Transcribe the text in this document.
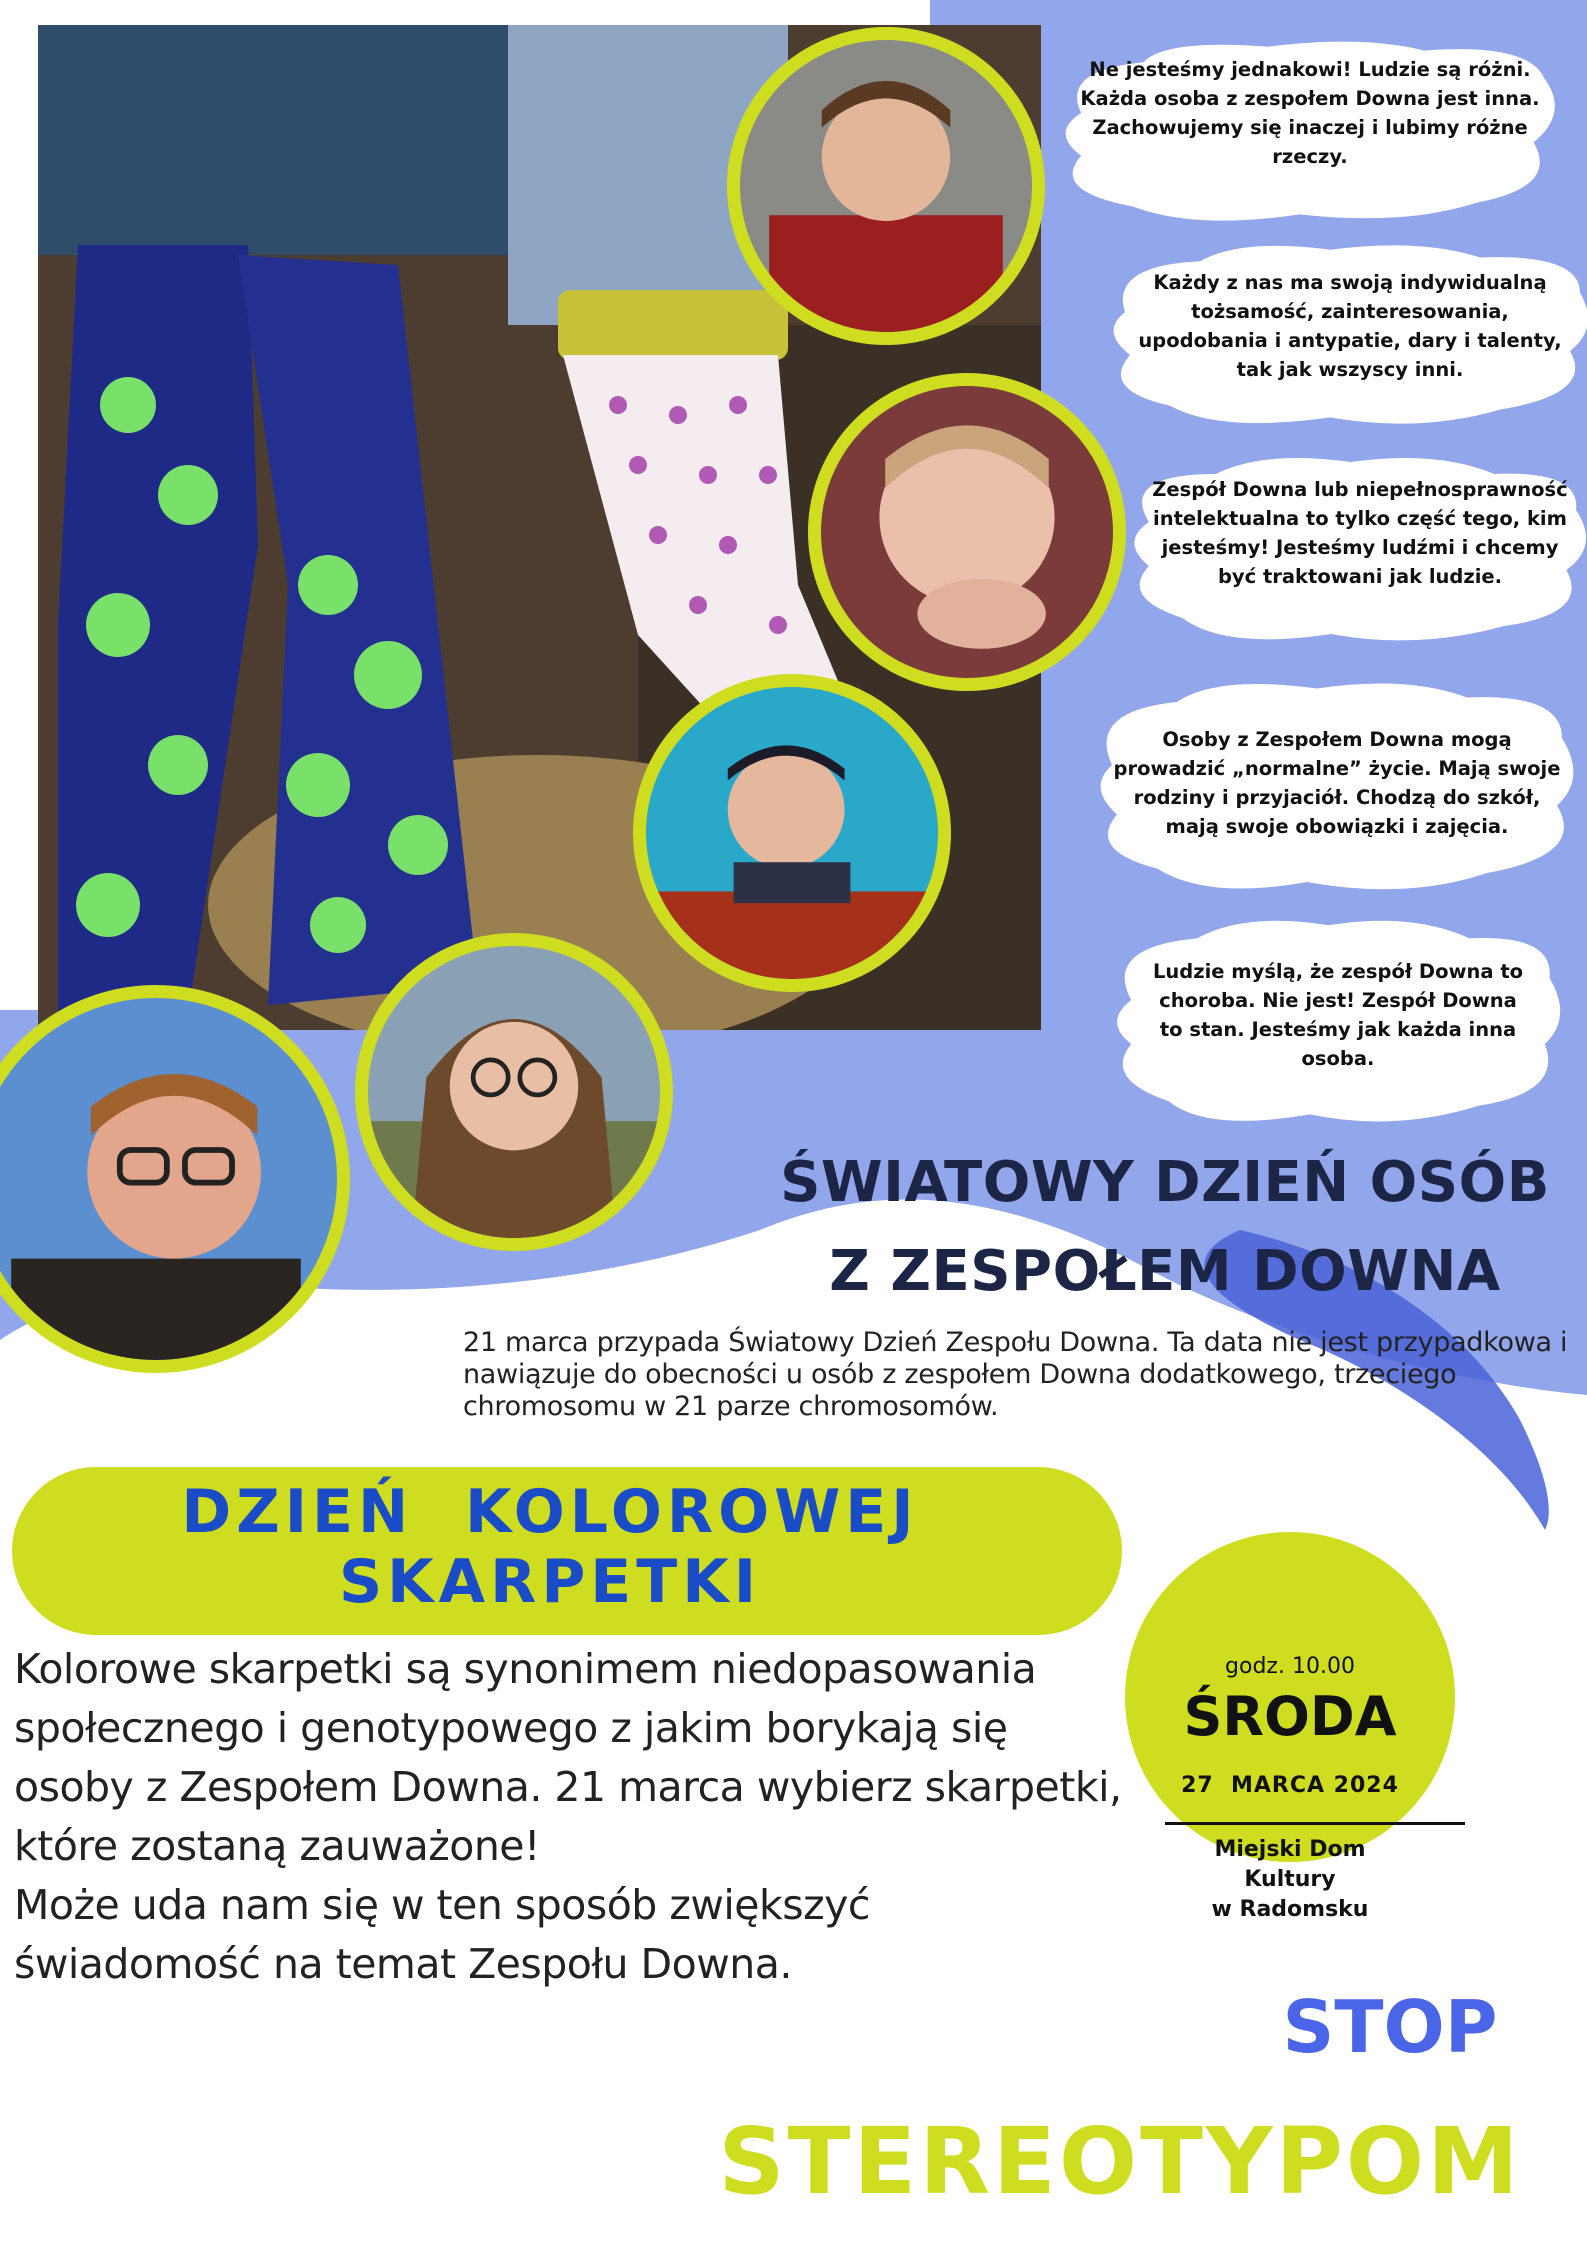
Ne jesteśmy jednakowi! Ludzie są różni. Każda osoba z zespołem Downa jest inna. Zachowujemy się inaczej i lubimy różne rzeczy.

Każdy z nas ma swoją indywidualną tożsamość, zainteresowania, upodobania i antypatie, dary i talenty, tak jak wszyscy inni.

Zespół Downa lub niepełnosprawność intelektualna to tylko część tego, kim jesteśmy! Jesteśmy ludźmi i chcemy być traktowani jak ludzie.

Osoby z Zespołem Downa mogą prowadzić „normalne” życie. Mają swoje rodziny i przyjaciół. Chodzą do szkół, mają swoje obowiązki i zajęcia.

Ludzie myślą, że zespół Downa to choroba. Nie jest! Zespół Downa to stan. Jesteśmy jak każda inna osoba.

ŚWIATOWY DZIEŃ OSÓB
Z ZESPOŁEM DOWNA
21 marca przypada Światowy Dzień Zespołu Downa. Ta data nie jest przypadkowa i nawiązuje do obecności u osób z zespołem Downa dodatkowego, trzeciego chromosomu w 21 parze chromosomów.
DZIEŃ  KOLOROWEJ
SKARPETKI
Kolorowe skarpetki są synonimem niedopasowania społecznego i genotypowego z jakim borykają się osoby z Zespołem Downa. 21 marca wybierz skarpetki, które zostaną zauważone!
Może uda nam się w ten sposób zwiększyć świadomość na temat Zespołu Downa.
godz. 10.00
ŚRODA
27  MARCA 2024
Miejski Dom
Kultury
w Radomsku
STOP
STEREOTYPOM
